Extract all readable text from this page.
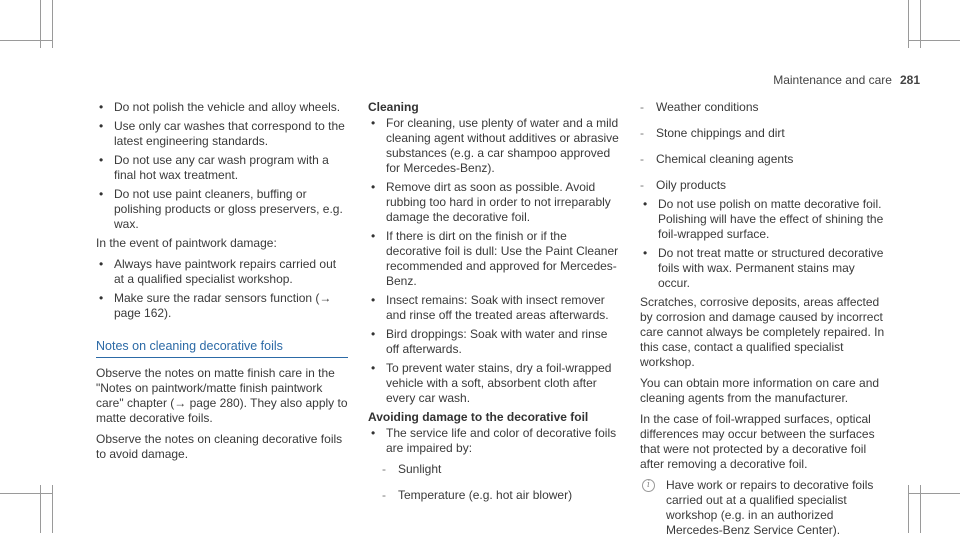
Maintenance and care 281
• Do not polish the vehicle and alloy wheels.
• Use only car washes that correspond to the latest engineering standards.
• Do not use any car wash program with a final hot wax treatment.
• Do not use paint cleaners, buffing or polishing products or gloss preservers, e.g. wax.

In the event of paintwork damage:

• Always have paintwork repairs carried out at a qualified specialist workshop.
• Make sure the radar sensors function (→ page 162).
Notes on cleaning decorative foils

Observe the notes on matte finish care in the "Notes on paintwork/matte finish paintwork care" chapter (→ page 280). They also apply to matte decorative foils.

Observe the notes on cleaning decorative foils to avoid damage.

Cleaning
• For cleaning, use plenty of water and a mild cleaning agent without additives or abrasive substances (e.g. a car shampoo approved for Mercedes-Benz).
• Remove dirt as soon as possible. Avoid rubbing too hard in order to not irreparably damage the decorative foil.
• If there is dirt on the finish or if the decorative foil is dull: Use the Paint Cleaner recommended and approved for Mercedes-Benz.
• Insect remains: Soak with insect remover and rinse off the treated areas afterwards.
• Bird droppings: Soak with water and rinse off afterwards.
• To prevent water stains, dry a foil-wrapped vehicle with a soft, absorbent cloth after every car wash.
Avoiding damage to the decorative foil
• The service life and color of decorative foils are impaired by:
- Sunlight
- Temperature (e.g. hot air blower)
- Weather conditions
- Stone chippings and dirt
- Chemical cleaning agents
- Oily products
• Do not use polish on matte decorative foil. Polishing will have the effect of shining the foil-wrapped surface.
• Do not treat matte or structured decorative foils with wax. Permanent stains may occur.

Scratches, corrosive deposits, areas affected by corrosion and damage caused by incorrect care cannot always be completely repaired. In this case, contact a qualified specialist workshop.

You can obtain more information on care and cleaning agents from the manufacturer.

In the case of foil-wrapped surfaces, optical differences may occur between the surfaces that were not protected by a decorative foil after removing a decorative foil.

i	Have work or repairs to decorative foils carried out at a qualified specialist workshop (e.g. in an authorized Mercedes-Benz Service Center).
